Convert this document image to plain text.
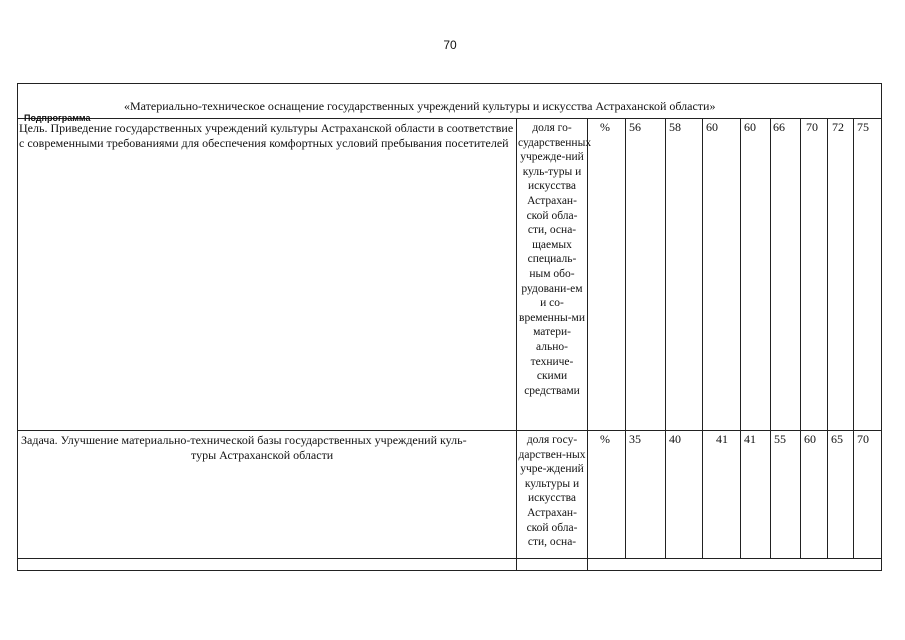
70
Подпрограмма
«Материально-техническое оснащение государственных учреждений культуры и искусства Астраханской области»
Цель. Приведение государственных учреждений культуры Астраханской области в соответствие с современными требованиями для обеспечения комфортных условий пребывания посетителей
доля го-сударственных учрежде-ний куль-туры и искусства Астрахан-ской обла-сти, осна-щаемых специаль-ным обо-рудовани-ем и со-временны-ми матери-ально-техниче-скими средствами
% 56 58 60 60 66 70 72 75
Задача. Улучшение материально-технической базы государственных учреждений куль-
туры Астраханской области
доля госу-дарствен-ных учре-ждений культуры и искусства Астрахан-ской обла-сти, осна-
% 35 40	41 41 55 60 65 70
